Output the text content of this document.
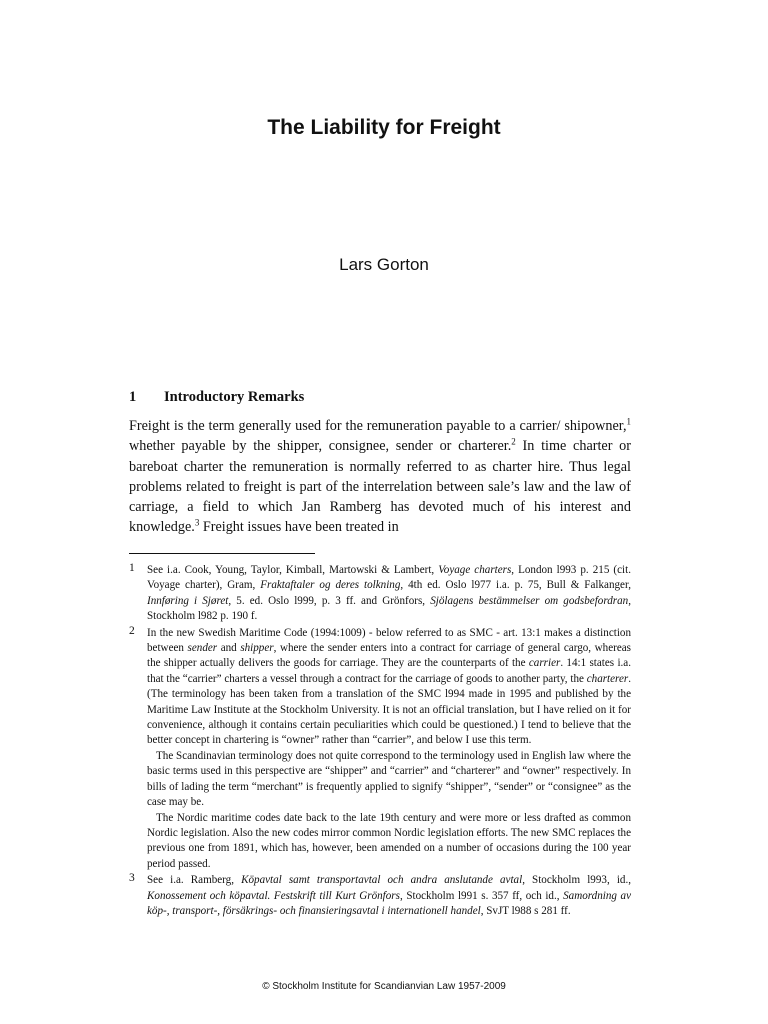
The Liability for Freight
Lars Gorton
1 Introductory Remarks

Freight is the term generally used for the remuneration payable to a carrier/ shipowner,$^1$ whether payable by the shipper, consignee, sender or charterer.$^2$ In time charter or bareboat charter the remuneration is normally referred to as charter hire. Thus legal problems related to freight is part of the interrelation between sale’s law and the law of carriage, a field to which Jan Ramberg has devoted much of his interest and knowledge.$^3$ Freight issues have been treated in

1 See i.a. Cook, Young, Taylor, Kimball, Martowski & Lambert, Voyage charters, London l993 p. 215 (cit. Voyage charter), Gram, Fraktaftaler og deres tolkning, 4th ed. Oslo l977 i.a. p. 75, Bull & Falkanger, Innføring i Sjøret, 5. ed. Oslo l999, p. 3 ff. and Grönfors, Sjölagens bestämmelser om godsbefordran, Stockholm l982 p. 190 f.

2 In the new Swedish Maritime Code (1994:1009) - below referred to as SMC - art. 13:1 makes a distinction between sender and shipper, where the sender enters into a contract for carriage of general cargo, whereas the shipper actually delivers the goods for carriage. They are the counterparts of the carrier. 14:1 states i.a. that the “carrier” charters a vessel through a contract for the carriage of goods to another party, the charterer. (The terminology has been taken from a translation of the SMC l994 made in 1995 and published by the Maritime Law Institute at the Stockholm University. It is not an official translation, but I have relied on it for convenience, although it contains certain peculiarities which could be questioned.) I tend to believe that the better concept in chartering is “owner” rather than “carrier”, and below I use this term.

The Scandinavian terminology does not quite correspond to the terminology used in English law where the basic terms used in this perspective are “shipper” and “carrier” and “charterer” and “owner” respectively. In bills of lading the term “merchant” is frequently applied to signify “shipper”, “sender” or “consignee” as the case may be.

The Nordic maritime codes date back to the late 19th century and were more or less drafted as common Nordic legislation. Also the new codes mirror common Nordic legislation efforts. The new SMC replaces the previous one from 1891, which has, however, been amended on a number of occasions during the 100 year period passed.

3 See i.a. Ramberg, Köpavtal samt transportavtal och andra anslutande avtal, Stockholm l993, id., Konossement och köpavtal. Festskrift till Kurt Grönfors, Stockholm l991 s. 357 ff, och id., Samordning av köp-, transport-, försäkrings- och finansieringsavtal i internationell handel, SvJT l988 s 281 ff.

© Stockholm Institute for Scandianvian Law 1957-2009
